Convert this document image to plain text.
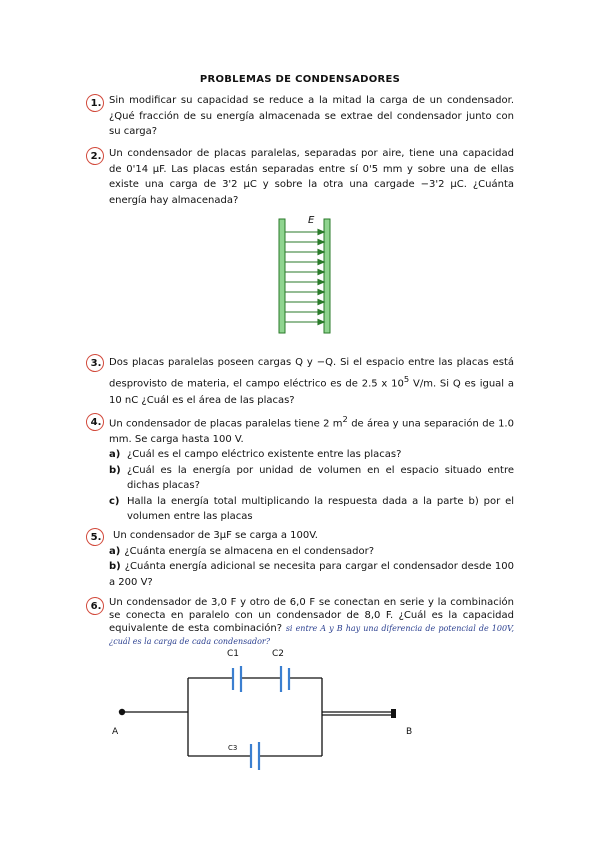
PROBLEMAS DE CONDENSADORES
1. Sin modificar su capacidad se reduce a la mitad la carga de un condensador. ¿Qué fracción de su energía almacenada se extrae del condensador junto con su carga?
2. Un condensador de placas paralelas, separadas por aire, tiene una capacidad de 0'14 µF. Las placas están separadas entre sí 0'5 mm y sobre una de ellas existe una carga de 3'2 µC y sobre la otra una cargade −3'2 µC. ¿Cuánta energía hay almacenada?
E
3. Dos placas paralelas poseen cargas Q y −Q. Si el espacio entre las placas está desprovisto de materia, el campo eléctrico es de 2.5 x $10^5$ V/m. Si Q es igual a 10 nC ¿Cuál es el área de las placas?
4. Un condensador de placas paralelas tiene 2 $m^2$ de área y una separación de 1.0 mm. Se carga hasta 100 V.
a) ¿Cuál es el campo eléctrico existente entre las placas?
b) ¿Cuál es la energía por unidad de volumen en el espacio situado entre dichas placas?
c) Halla la energía total multiplicando la respuesta dada a la parte b) por el volumen entre las placas
5.	Un condensador de 3µF se carga a 100V.
a) ¿Cuánta energía se almacena en el condensador?
b) ¿Cuánta energía adicional se necesita para cargar el condensador desde 100 a 200 V?
6. Un condensador de 3,0 F y otro de 6,0 F se conectan en serie y la combinación se conecta en paralelo con un condensador de 8,0 F. ¿Cuál es la capacidad equivalente de esta combinación? si entre A y B hay una diferencia de potencial de 100V, ¿cuál es la carga de cada condensador?
C1	C2
C3
A	B
